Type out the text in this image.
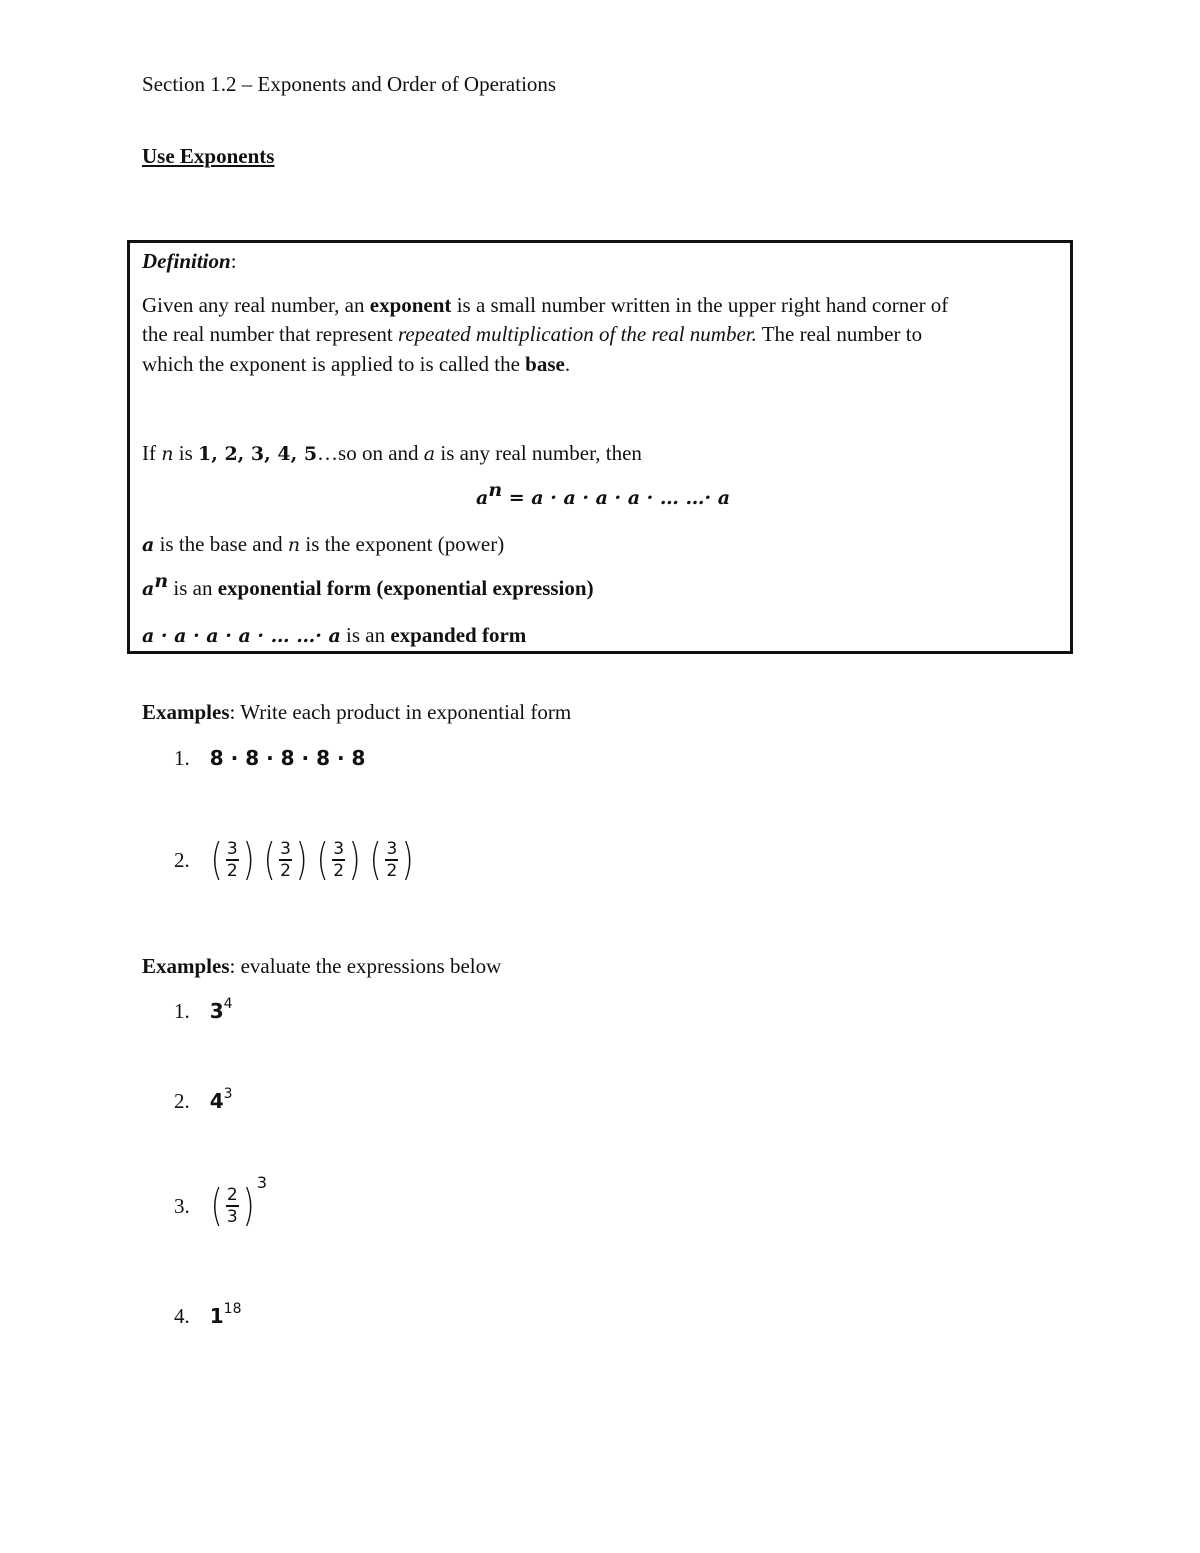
Section 1.2 – Exponents and Order of Operations
Use Exponents
Definition:
Given any real number, an exponent is a small number written in the upper right hand corner of
the real number that represent repeated multiplication of the real number. The real number to
which the exponent is applied to is called the base.
If n is 1, 2, 3, 4, 5…so on and a is any real number, then
$a^n = a \cdot a \cdot a \cdot a$ · … …· a
a is the base and n is the exponent (power)
$a^n$ is an exponential form (exponential expression)
a · a · a · a · … …· a is an expanded form
Examples: Write each product in exponential form
1. 8 · 8 · 8 · 8 · 8
2. ( $\frac{3}{2}$ ) ( $\frac{3}{2}$ ) ( $\frac{3}{2}$ ) ( $\frac{3}{2}$ )
Examples: evaluate the expressions below
1. 34
2. 43
3. ( $\frac{2}{3}$ ) 3
4. 118
